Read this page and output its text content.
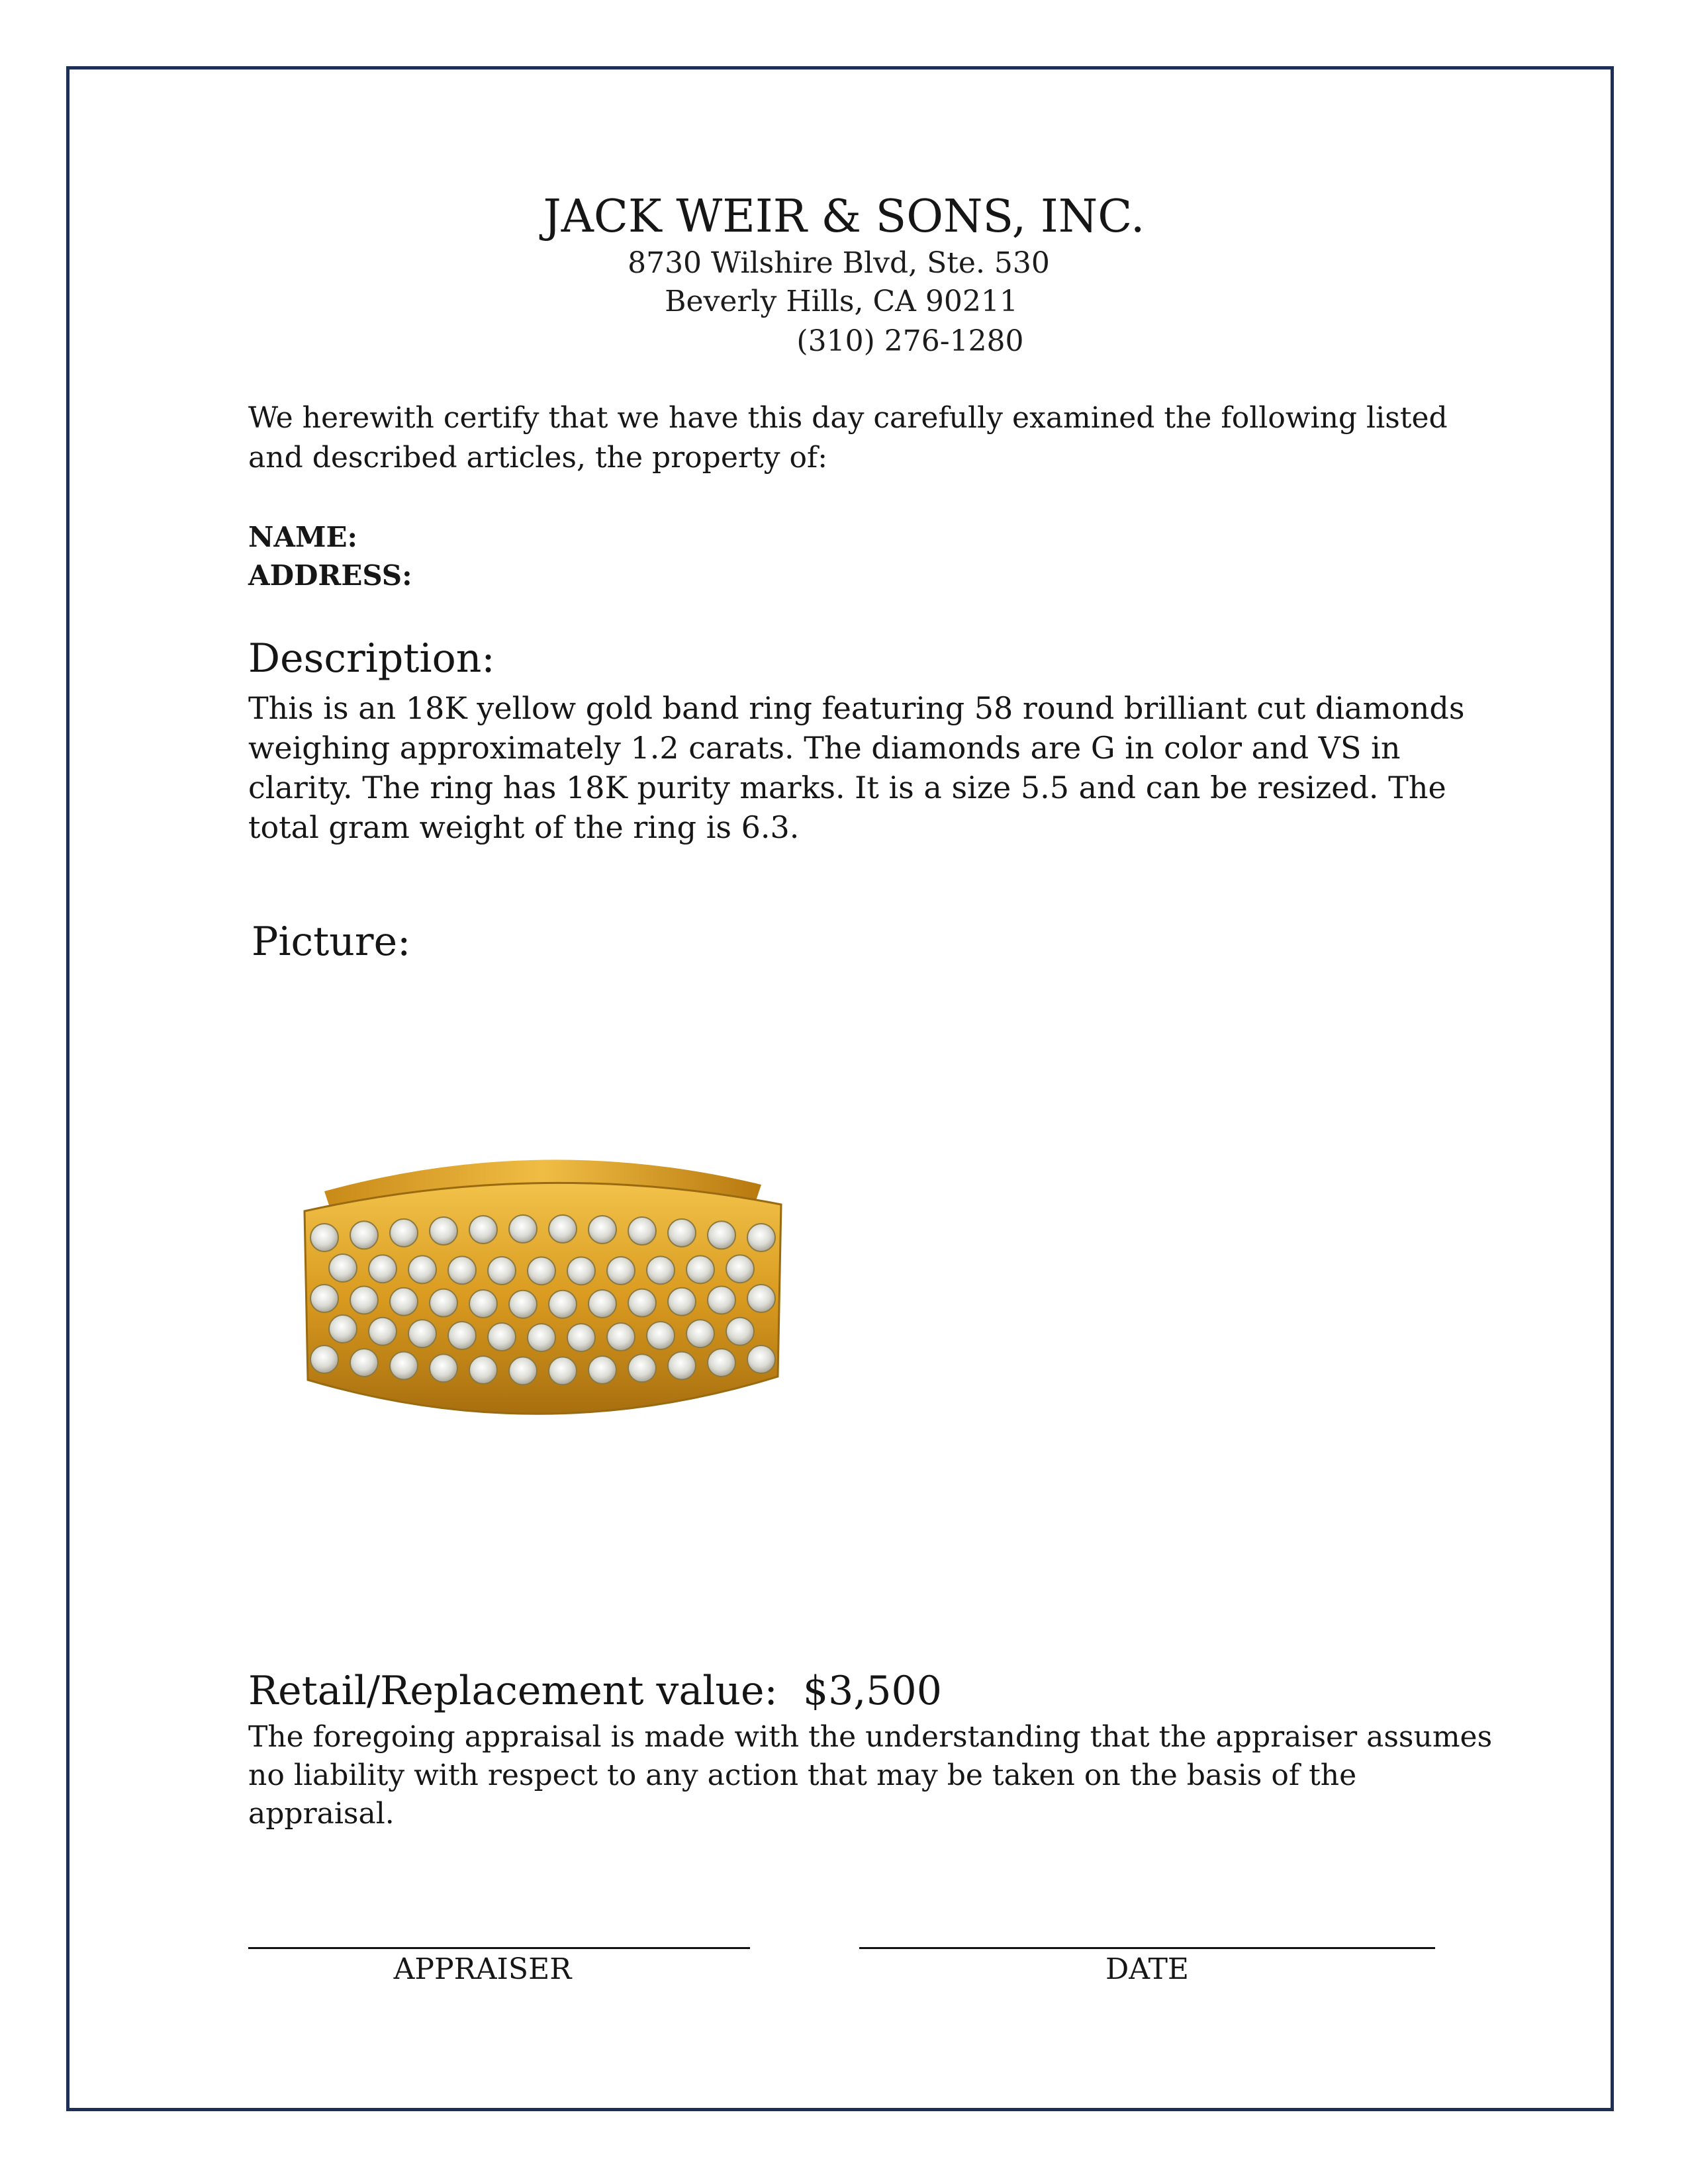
JACK WEIR & SONS, INC.
8730 Wilshire Blvd, Ste. 530
Beverly Hills, CA 90211
(310) 276-1280
We herewith certify that we have this day carefully examined the following listed and described articles, the property of:
NAME:
ADDRESS:
Description:
This is an 18K yellow gold band ring featuring 58 round brilliant cut diamonds weighing approximately 1.2 carats. The diamonds are G in color and VS in clarity. The ring has 18K purity marks. It is a size 5.5 and can be resized. The total gram weight of the ring is 6.3.
Picture:
Retail/Replacement value: $3,500
The foregoing appraisal is made with the understanding that the appraiser assumes no liability with respect to any action that may be taken on the basis of the appraisal.
APPRAISER	DATE
